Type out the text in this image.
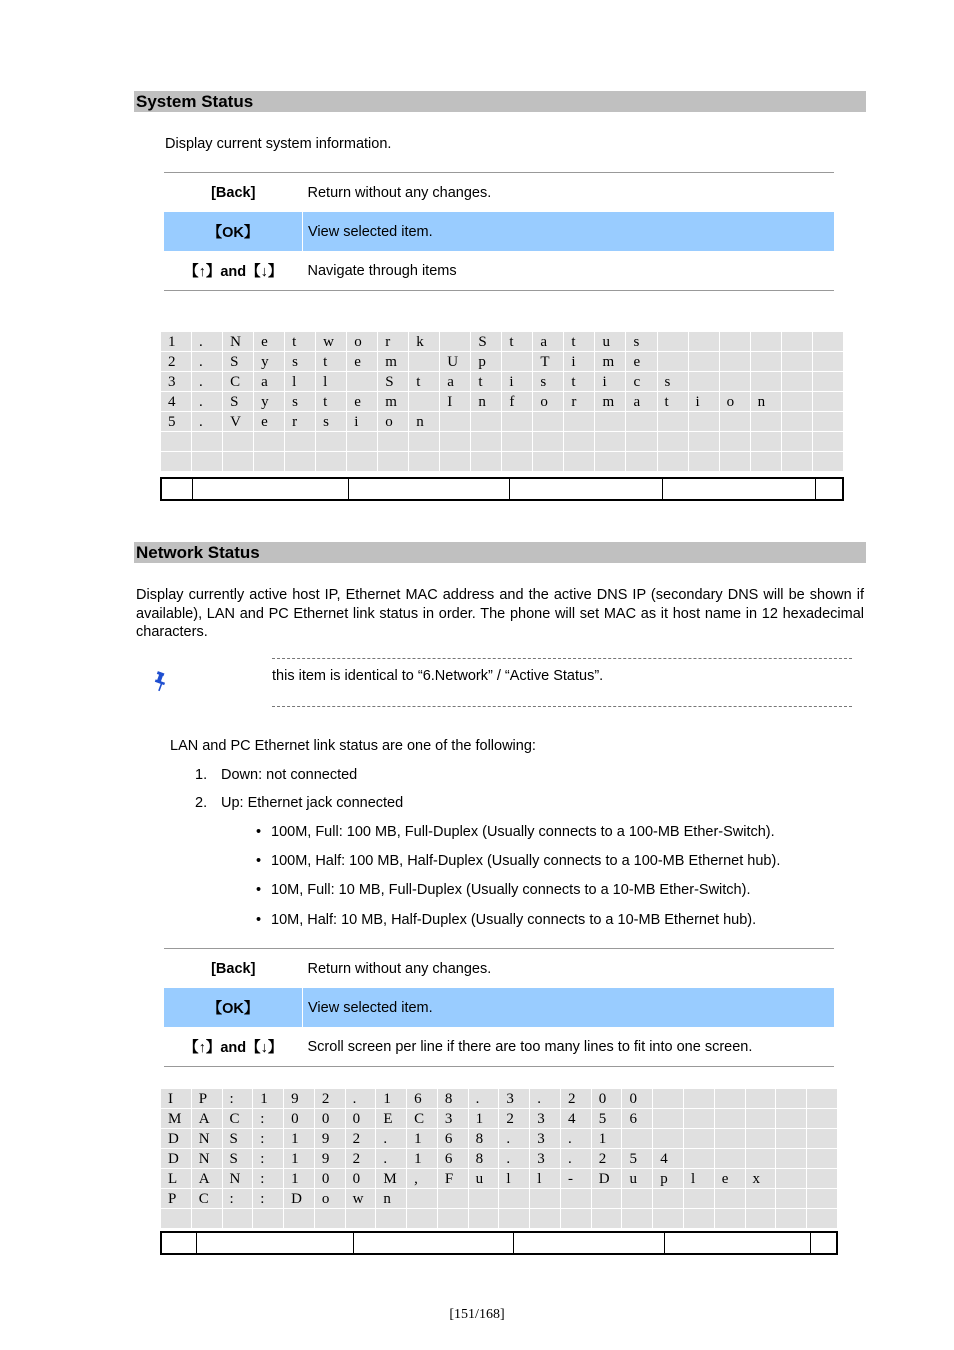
System Status
Display current system information.
[Back]	Return without any changes.
【OK】	View selected item.
【↑】and【↓】	Navigate through items
1	.	N	e	t	w	o	r	k		S	t	a	t	u	s						
2	.	S	y	s	t	e	m		U	p		T	i	m	e						
3	.	C	a	l	l		S	t	a	t	i	s	t	i	c	s					
4	.	S	y	s	t	e	m		I	n	f	o	r	m	a	t	i	o	n		
5	.	V	e	r	s	i	o	n													

Network Status
Display currently active host IP, Ethernet MAC address and the active DNS IP (secondary DNS will be shown if available), LAN and PC Ethernet link status in order. The phone will set MAC as it host name in 12 hexadecimal characters.
this item is identical to “6.Network” / “Active Status”.
LAN and PC Ethernet link status are one of the following:
1. Down: not connected
2. Up: Ethernet jack connected
• 100M, Full: 100 MB, Full-Duplex (Usually connects to a 100-MB Ether-Switch).
• 100M, Half: 100 MB, Half-Duplex (Usually connects to a 100-MB Ethernet hub).
• 10M, Full: 10 MB, Full-Duplex (Usually connects to a 10-MB Ether-Switch).
• 10M, Half: 10 MB, Half-Duplex (Usually connects to a 10-MB Ethernet hub).
[Back]	Return without any changes.
【OK】	View selected item.
【↑】and【↓】	Scroll screen per line if there are too many lines to fit into one screen.
I	P	:	1	9	2	.	1	6	8	.	3	.	2	0	0						
M	A	C	:	0	0	0	E	C	3	1	2	3	4	5	6						
D	N	S	:	1	9	2	.	1	6	8	.	3	.	1							
D	N	S	:	1	9	2	.	1	6	8	.	3	.	2	5	4					
L	A	N	:	1	0	0	M	,	F	u	l	l	-	D	u	p	l	e	x		
P	C	:	:	D	o	w	n														

[151/168]
